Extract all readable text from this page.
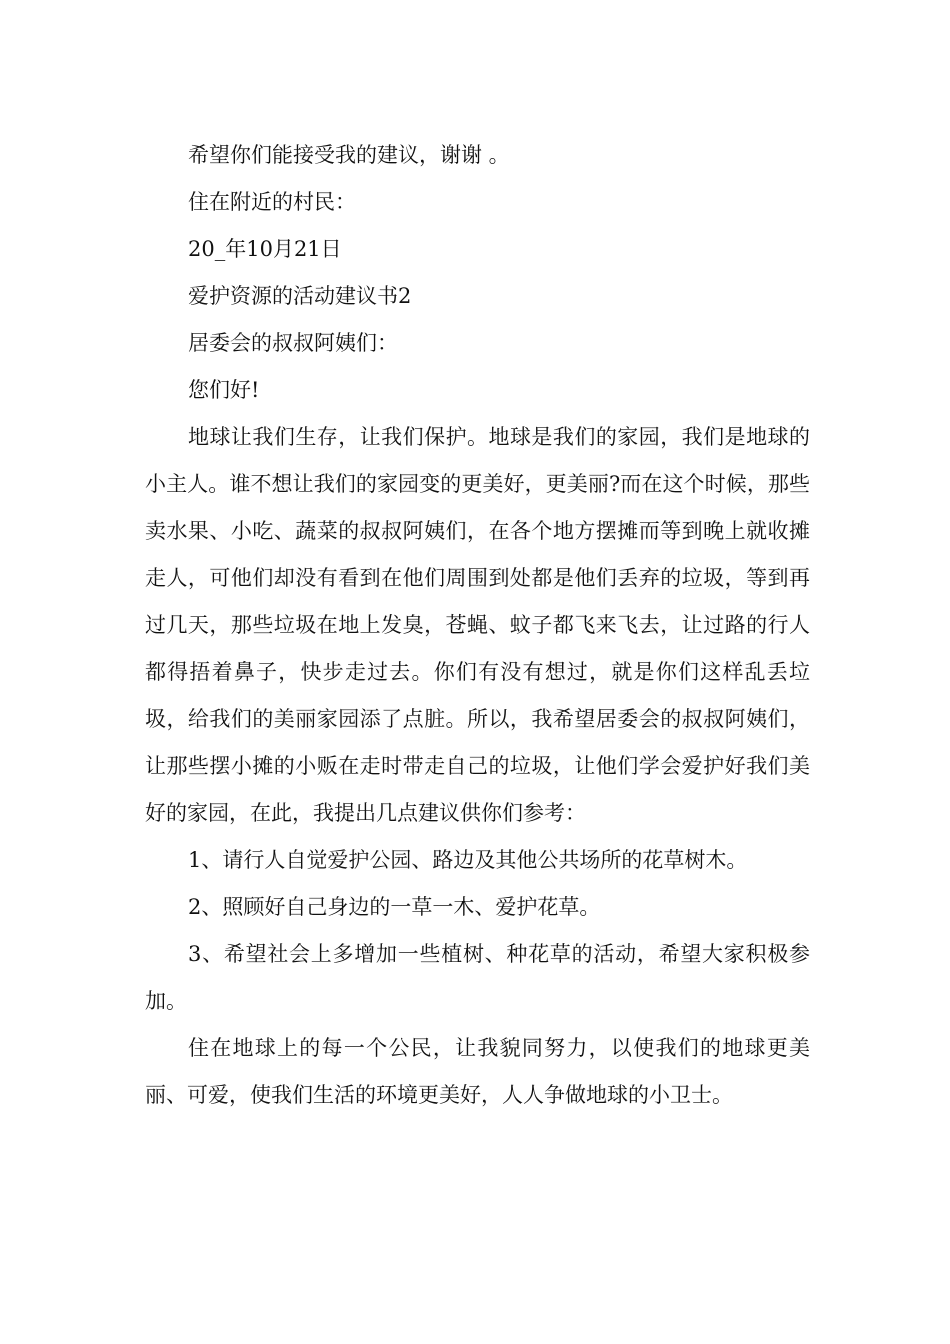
希望你们能接受我的建议，谢谢 。

住在附近的村民：

20_年10月21日

爱护资源的活动建议书2

居委会的叔叔阿姨们：

您们好!

地球让我们生存，让我们保护。地球是我们的家园，我们是地球的小主人。谁不想让我们的家园变的更美好，更美丽?而在这个时候，那些卖水果、小吃、蔬菜的叔叔阿姨们，在各个地方摆摊而等到晚上就收摊走人，可他们却没有看到在他们周围到处都是他们丢弃的垃圾，等到再过几天，那些垃圾在地上发臭，苍蝇、蚊子都飞来飞去，让过路的行人都得捂着鼻子，快步走过去。你们有没有想过，就是你们这样乱丢垃圾，给我们的美丽家园添了点脏。所以，我希望居委会的叔叔阿姨们，让那些摆小摊的小贩在走时带走自己的垃圾，让他们学会爱护好我们美好的家园，在此，我提出几点建议供你们参考：

1、请行人自觉爱护公园、路边及其他公共场所的花草树木。

2、照顾好自己身边的一草一木、爱护花草。

3、希望社会上多增加一些植树、种花草的活动，希望大家积极参加。

住在地球上的每一个公民，让我貌同努力，以使我们的地球更美丽、可爱，使我们生活的环境更美好，人人争做地球的小卫士。
